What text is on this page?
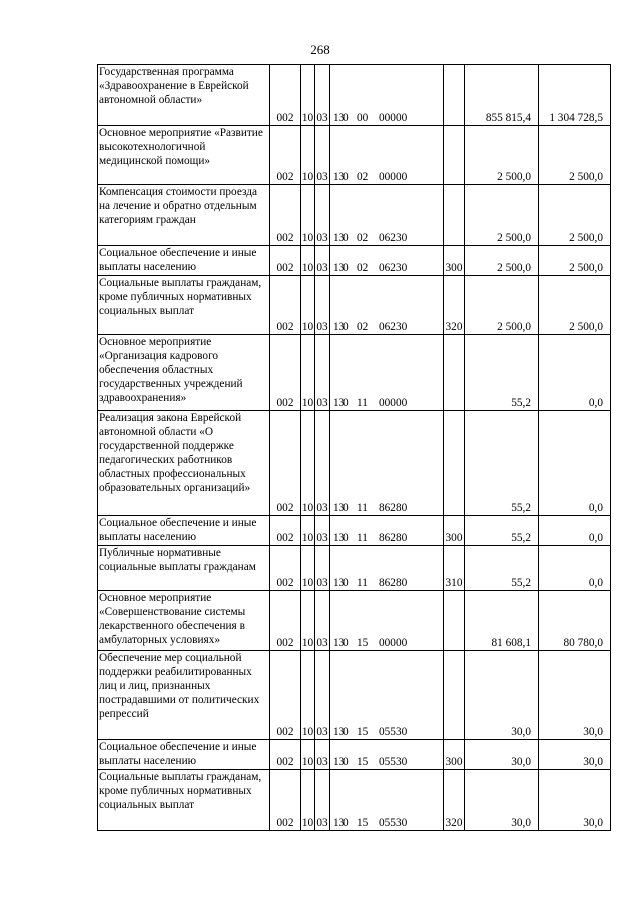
268
Государственная программа «Здравоохранение в Еврейской автономной области»	002	10	03	130 00 00000		855 815,4	1 304 728,5
Основное мероприятие «Развитие высокотехнологичной медицинской помощи»	002	10	03	130 02 00000		2 500,0	2 500,0
Компенсация стоимости проезда на лечение и обратно отдельным категориям граждан	002	10	03	130 02 06230		2 500,0	2 500,0
Социальное обеспечение и иные выплаты населению	002	10	03	130 02 06230	300	2 500,0	2 500,0
Социальные выплаты гражданам, кроме публичных нормативных социальных выплат	002	10	03	130 02 06230	320	2 500,0	2 500,0
Основное мероприятие «Организация кадрового обеспечения областных государственных учреждений здравоохранения»	002	10	03	130 11 00000		55,2	0,0
Реализация закона Еврейской автономной области «О государственной поддержке педагогических работников областных профессиональных образовательных организаций»	002	10	03	130 11 86280		55,2	0,0
Социальное обеспечение и иные выплаты населению	002	10	03	130 11 86280	300	55,2	0,0
Публичные нормативные социальные выплаты гражданам	002	10	03	130 11 86280	310	55,2	0,0
Основное мероприятие «Совершенствование системы лекарственного обеспечения в амбулаторных условиях»	002	10	03	130 15 00000		81 608,1	80 780,0
Обеспечение мер социальной поддержки реабилитированных лиц и лиц, признанных пострадавшими от политических репрессий	002	10	03	130 15 05530		30,0	30,0
Социальное обеспечение и иные выплаты населению	002	10	03	130 15 05530	300	30,0	30,0
Социальные выплаты гражданам, кроме публичных нормативных социальных выплат	002	10	03	130 15 05530	320	30,0	30,0
